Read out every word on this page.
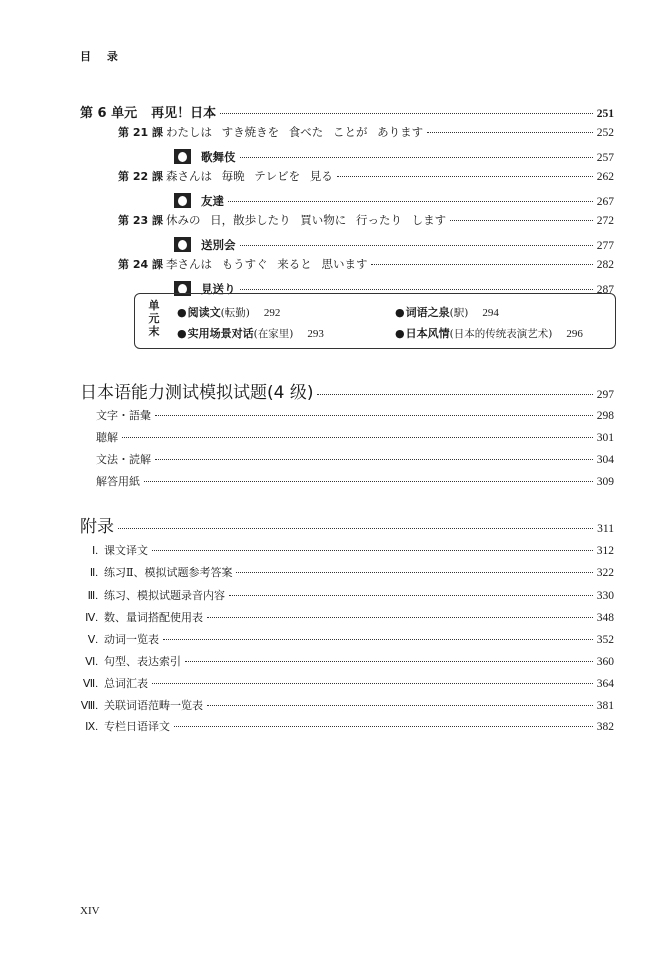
目 录
第 6 单元 再见！日本	251
第 21 課 わたしは すき焼きを 食べた ことが あります	252
歌舞伎	257
第 22 課 森さんは 毎晩 テレビを 見る	262
友達	267
第 23 課 休みの 日，散歩したり 買い物に 行ったり します	272
送別会	277
第 24 課 李さんは もうすぐ 来ると 思います	282
見送り	287
单
元
末
●阅读文(転勤) 292	●词语之泉(駅) 294
●实用场景对话(在家里) 293	●日本风情(日本的传统表演艺术) 296
日本语能力测试模拟试题(4 级)	297
文字・語彙	298
聴解	301
文法・読解	304
解答用紙	309
附录	311
Ⅰ. 课文译文	312
Ⅱ. 练习Ⅱ、模拟试题参考答案	322
Ⅲ. 练习、模拟试题录音内容	330
Ⅳ. 数、量词搭配使用表	348
Ⅴ. 动词一览表	352
Ⅵ. 句型、表达索引	360
Ⅶ. 总词汇表	364
Ⅷ. 关联词语范畴一览表	381
Ⅸ. 专栏日语译文	382
XIV
